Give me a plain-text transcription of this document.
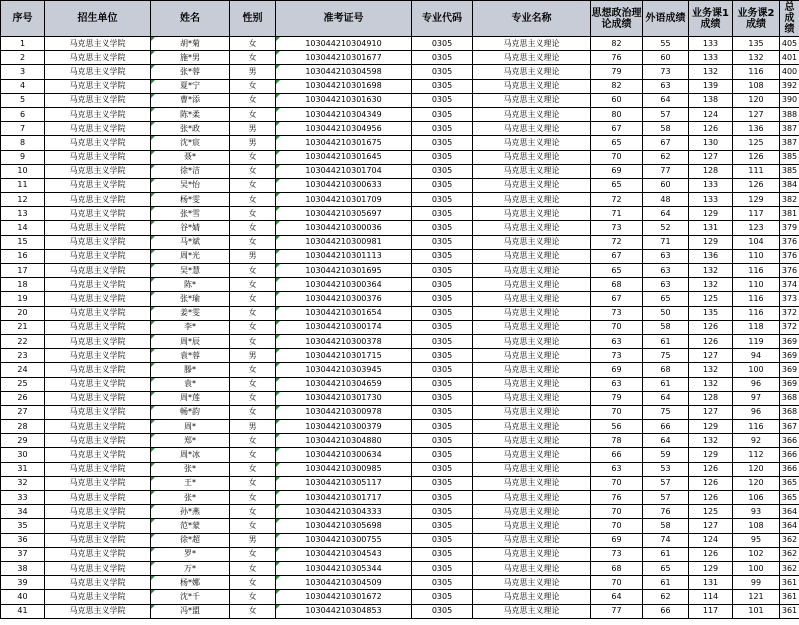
序号	招生单位	姓名	性别	准考证号	专业代码	专业名称	思想政治理论成绩	外语成绩	业务课1成绩	业务课2成绩	总成绩
1	马克思主义学院	胡*菊	女	103044210304910	0305	马克思主义理论	82	55	133	135	405
2	马克思主义学院	施*男	女	103044210301677	0305	马克思主义理论	76	60	133	132	401
3	马克思主义学院	张*蓉	男	103044210304598	0305	马克思主义理论	79	73	132	116	400
4	马克思主义学院	夏*宁	女	103044210301698	0305	马克思主义理论	82	63	139	108	392
5	马克思主义学院	曹*添	女	103044210301630	0305	马克思主义理论	60	64	138	120	390
6	马克思主义学院	陈*柔	女	103044210304349	0305	马克思主义理论	80	57	124	127	388
7	马克思主义学院	张*政	男	103044210304956	0305	马克思主义理论	67	58	126	136	387
8	马克思主义学院	沈*宸	男	103044210301675	0305	马克思主义理论	65	67	130	125	387
9	马克思主义学院	聂*	女	103044210301645	0305	马克思主义理论	70	62	127	126	385
10	马克思主义学院	徐*洁	女	103044210301704	0305	马克思主义理论	69	77	128	111	385
11	马克思主义学院	吴*怡	女	103044210300633	0305	马克思主义理论	65	60	133	126	384
12	马克思主义学院	杨*雯	女	103044210301709	0305	马克思主义理论	72	48	133	129	382
13	马克思主义学院	张*雪	女	103044210305697	0305	马克思主义理论	71	64	129	117	381
14	马克思主义学院	谷*婧	女	103044210300036	0305	马克思主义理论	73	52	131	123	379
15	马克思主义学院	马*斌	女	103044210300981	0305	马克思主义理论	72	71	129	104	376
16	马克思主义学院	周*光	男	103044210301113	0305	马克思主义理论	67	63	136	110	376
17	马克思主义学院	吴*慧	女	103044210301695	0305	马克思主义理论	65	63	132	116	376
18	马克思主义学院	陈*	女	103044210300364	0305	马克思主义理论	68	63	132	110	374
19	马克思主义学院	张*瑜	女	103044210300376	0305	马克思主义理论	67	65	125	116	373
20	马克思主义学院	姜*雯	女	103044210301654	0305	马克思主义理论	73	50	135	116	372
21	马克思主义学院	李*	女	103044210300174	0305	马克思主义理论	70	58	126	118	372
22	马克思主义学院	周*辰	女	103044210300378	0305	马克思主义理论	63	61	126	119	369
23	马克思主义学院	袁*蓉	男	103044210301715	0305	马克思主义理论	73	75	127	94	369
24	马克思主义学院	滕*	女	103044210303945	0305	马克思主义理论	69	68	132	100	369
25	马克思主义学院	袁*	女	103044210304659	0305	马克思主义理论	63	61	132	96	369
26	马克思主义学院	周*莲	女	103044210301730	0305	马克思主义理论	79	64	128	97	368
27	马克思主义学院	畅*韵	女	103044210300978	0305	马克思主义理论	70	75	127	96	368
28	马克思主义学院	周*	男	103044210300379	0305	马克思主义理论	56	66	129	116	367
29	马克思主义学院	郑*	女	103044210304880	0305	马克思主义理论	78	64	132	92	366
30	马克思主义学院	周*冰	女	103044210300634	0305	马克思主义理论	66	59	129	112	366
31	马克思主义学院	张*	女	103044210300985	0305	马克思主义理论	63	53	126	120	366
32	马克思主义学院	王*	女	103044210305117	0305	马克思主义理论	70	57	126	120	365
33	马克思主义学院	张*	女	103044210301717	0305	马克思主义理论	76	57	126	106	365
34	马克思主义学院	孙*燕	女	103044210304333	0305	马克思主义理论	70	76	125	93	364
35	马克思主义学院	范*蒙	女	103044210305698	0305	马克思主义理论	70	58	127	108	364
36	马克思主义学院	徐*超	男	103044210300755	0305	马克思主义理论	69	74	124	95	362
37	马克思主义学院	罗*	女	103044210304543	0305	马克思主义理论	73	61	126	102	362
38	马克思主义学院	万*	女	103044210305344	0305	马克思主义理论	68	65	129	100	362
39	马克思主义学院	杨*娜	女	103044210304509	0305	马克思主义理论	70	61	131	99	361
40	马克思主义学院	沈*千	女	103044210301672	0305	马克思主义理论	64	62	114	121	361
41	马克思主义学院	冯*盟	女	103044210304853	0305	马克思主义理论	77	66	117	101	361
